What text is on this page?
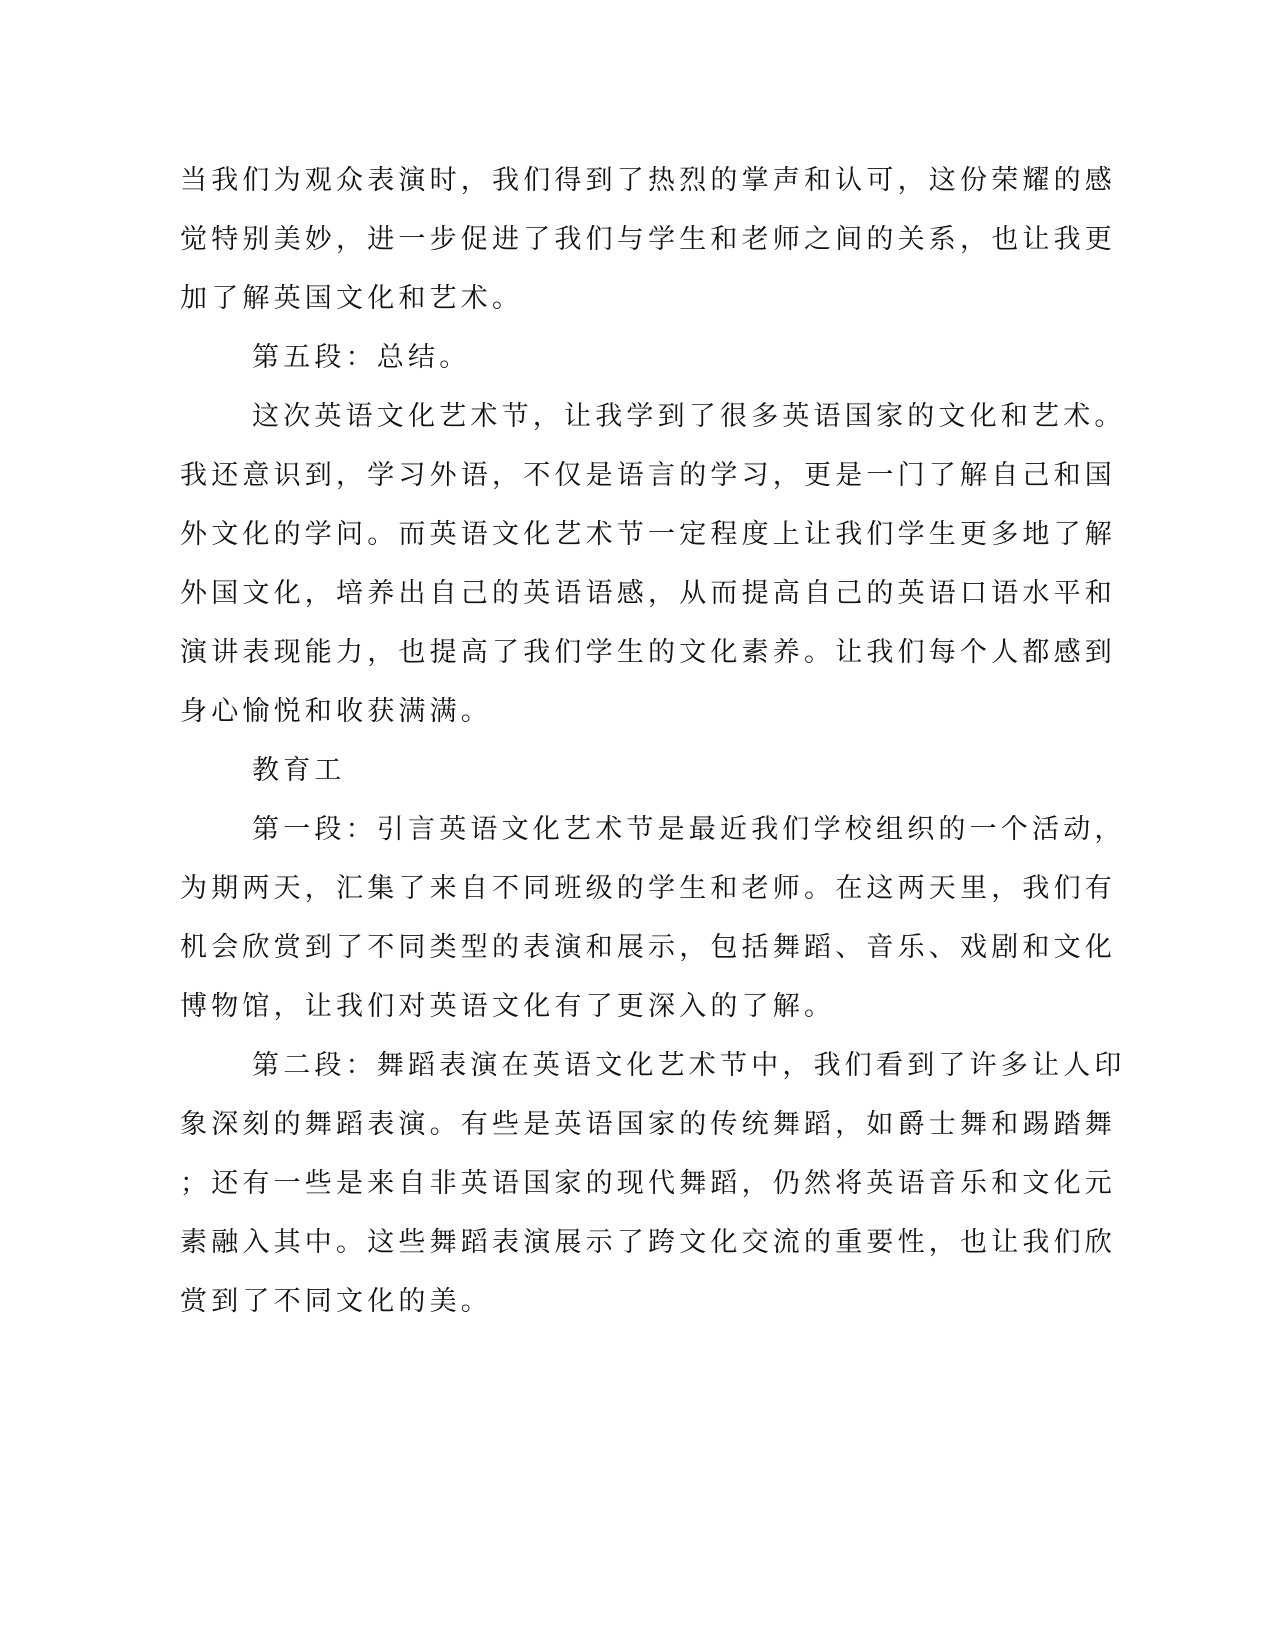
当我们为观众表演时，我们得到了热烈的掌声和认可，这份荣耀的感

觉特别美妙，进一步促进了我们与学生和老师之间的关系，也让我更

加了解英国文化和艺术。

第五段：总结。

这次英语文化艺术节，让我学到了很多英语国家的文化和艺术。

我还意识到，学习外语，不仅是语言的学习，更是一门了解自己和国

外文化的学问。而英语文化艺术节一定程度上让我们学生更多地了解

外国文化，培养出自己的英语语感，从而提高自己的英语口语水平和

演讲表现能力，也提高了我们学生的文化素养。让我们每个人都感到

身心愉悦和收获满满。

教育工

第一段：引言英语文化艺术节是最近我们学校组织的一个活动，

为期两天，汇集了来自不同班级的学生和老师。在这两天里，我们有

机会欣赏到了不同类型的表演和展示，包括舞蹈、音乐、戏剧和文化

博物馆，让我们对英语文化有了更深入的了解。

第二段：舞蹈表演在英语文化艺术节中，我们看到了许多让人印

象深刻的舞蹈表演。有些是英语国家的传统舞蹈，如爵士舞和踢踏舞

；还有一些是来自非英语国家的现代舞蹈，仍然将英语音乐和文化元

素融入其中。这些舞蹈表演展示了跨文化交流的重要性，也让我们欣

赏到了不同文化的美。
